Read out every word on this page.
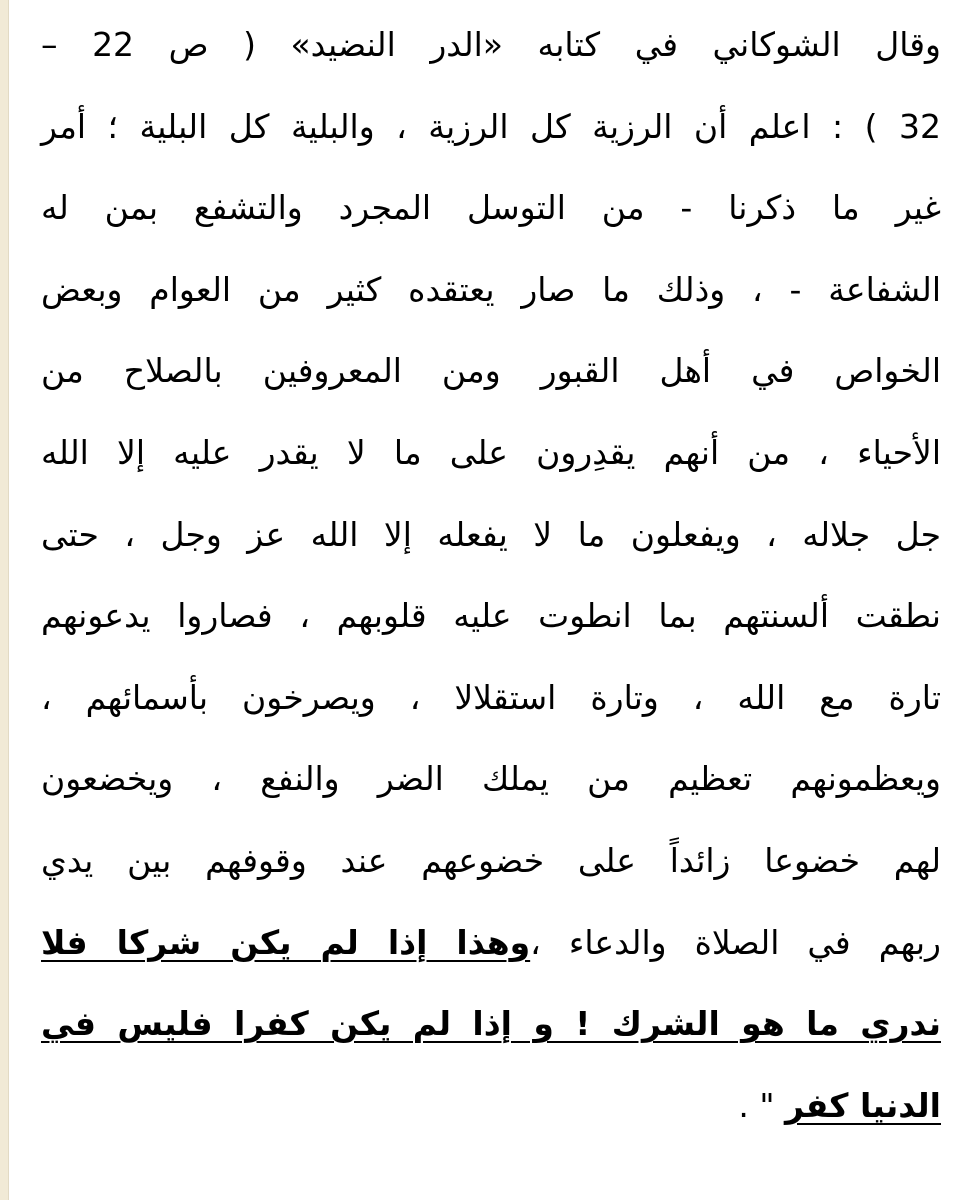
وقال الشوكاني في كتابه «الدر النضيد» ( ص 22 –
32 ) : اعلم أن الرزية كل الرزية ، والبلية كل البلية ؛ أمر
غير ما ذكرنا - من التوسل المجرد والتشفع بمن له
الشفاعة - ، وذلك ما صار يعتقده كثير من العوام وبعض
الخواص في أهل القبور ومن المعروفين بالصلاح من
الأحياء ، من أنهم يقدِرون على ما لا يقدر عليه إلا الله
جل جلاله ، ويفعلون ما لا يفعله إلا الله عز وجل ، حتى
نطقت ألسنتهم بما انطوت عليه قلوبهم ، فصاروا يدعونهم
تارة مع الله ، وتارة استقلالا ، ويصرخون بأسمائهم ،
ويعظمونهم تعظيم من يملك الضر والنفع ، ويخضعون
لهم خضوعا زائداً على خضوعهم عند وقوفهم بين يدي
ربهم في الصلاة والدعاء ،وهذا إذا لم يكن شركا فلا
ندري ما هو الشرك ! و إذا لم يكن كفرا فليس في
الدنيا كفر " .
